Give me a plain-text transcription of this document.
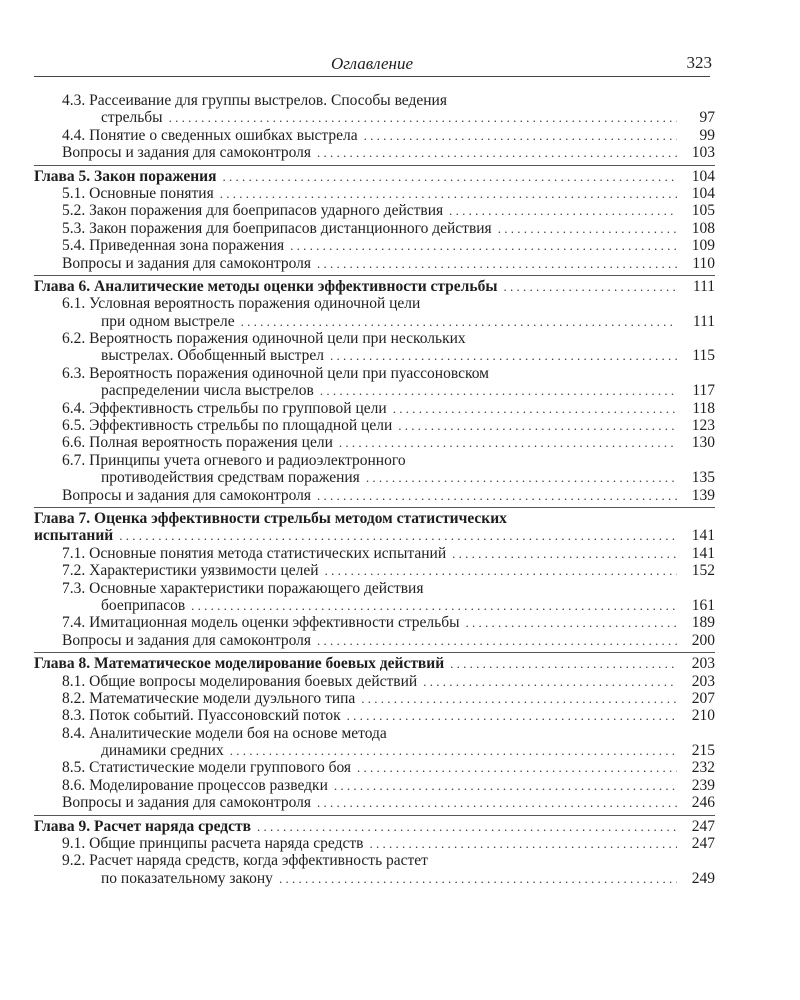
Оглавление	323
4.3. Рассеивание для группы выстрелов. Способы ведения
стрельбы . . .	97
4.4. Понятие о сведенных ошибках выстрела . . .	99
Вопросы и задания для самоконтроля . . .	103
Глава 5. Закон поражения . . .	104
5.1. Основные понятия . . .	104
5.2. Закон поражения для боеприпасов ударного действия . . .	105
5.3. Закон поражения для боеприпасов дистанционного действия . . .	108
5.4. Приведенная зона поражения . . .	109
Вопросы и задания для самоконтроля . . .	110
Глава 6. Аналитические методы оценки эффективности стрельбы . . .	111
6.1. Условная вероятность поражения одиночной цели
при одном выстреле . . .	111
6.2. Вероятность поражения одиночной цели при нескольких
выстрелах. Обобщенный выстрел . . .	115
6.3. Вероятность поражения одиночной цели при пуассоновском
распределении числа выстрелов . . .	117
6.4. Эффективность стрельбы по групповой цели . . .	118
6.5. Эффективность стрельбы по площадной цели . . .	123
6.6. Полная вероятность поражения цели . . .	130
6.7. Принципы учета огневого и радиоэлектронного
противодействия средствам поражения . . .	135
Вопросы и задания для самоконтроля . . .	139
Глава 7. Оценка эффективности стрельбы методом статистических
испытаний . . .	141
7.1. Основные понятия метода статистических испытаний . . .	141
7.2. Характеристики уязвимости целей . . .	152
7.3. Основные характеристики поражающего действия
боеприпасов . . .	161
7.4. Имитационная модель оценки эффективности стрельбы . . .	189
Вопросы и задания для самоконтроля . . .	200
Глава 8. Математическое моделирование боевых действий . . .	203
8.1. Общие вопросы моделирования боевых действий . . .	203
8.2. Математические модели дуэльного типа . . .	207
8.3. Поток событий. Пуассоновский поток . . .	210
8.4. Аналитические модели боя на основе метода
динамики средних . . .	215
8.5. Статистические модели группового боя . . .	232
8.6. Моделирование процессов разведки . . .	239
Вопросы и задания для самоконтроля . . .	246
Глава 9. Расчет наряда средств . . .	247
9.1. Общие принципы расчета наряда средств . . .	247
9.2. Расчет наряда средств, когда эффективность растет
по показательному закону . . .	249
